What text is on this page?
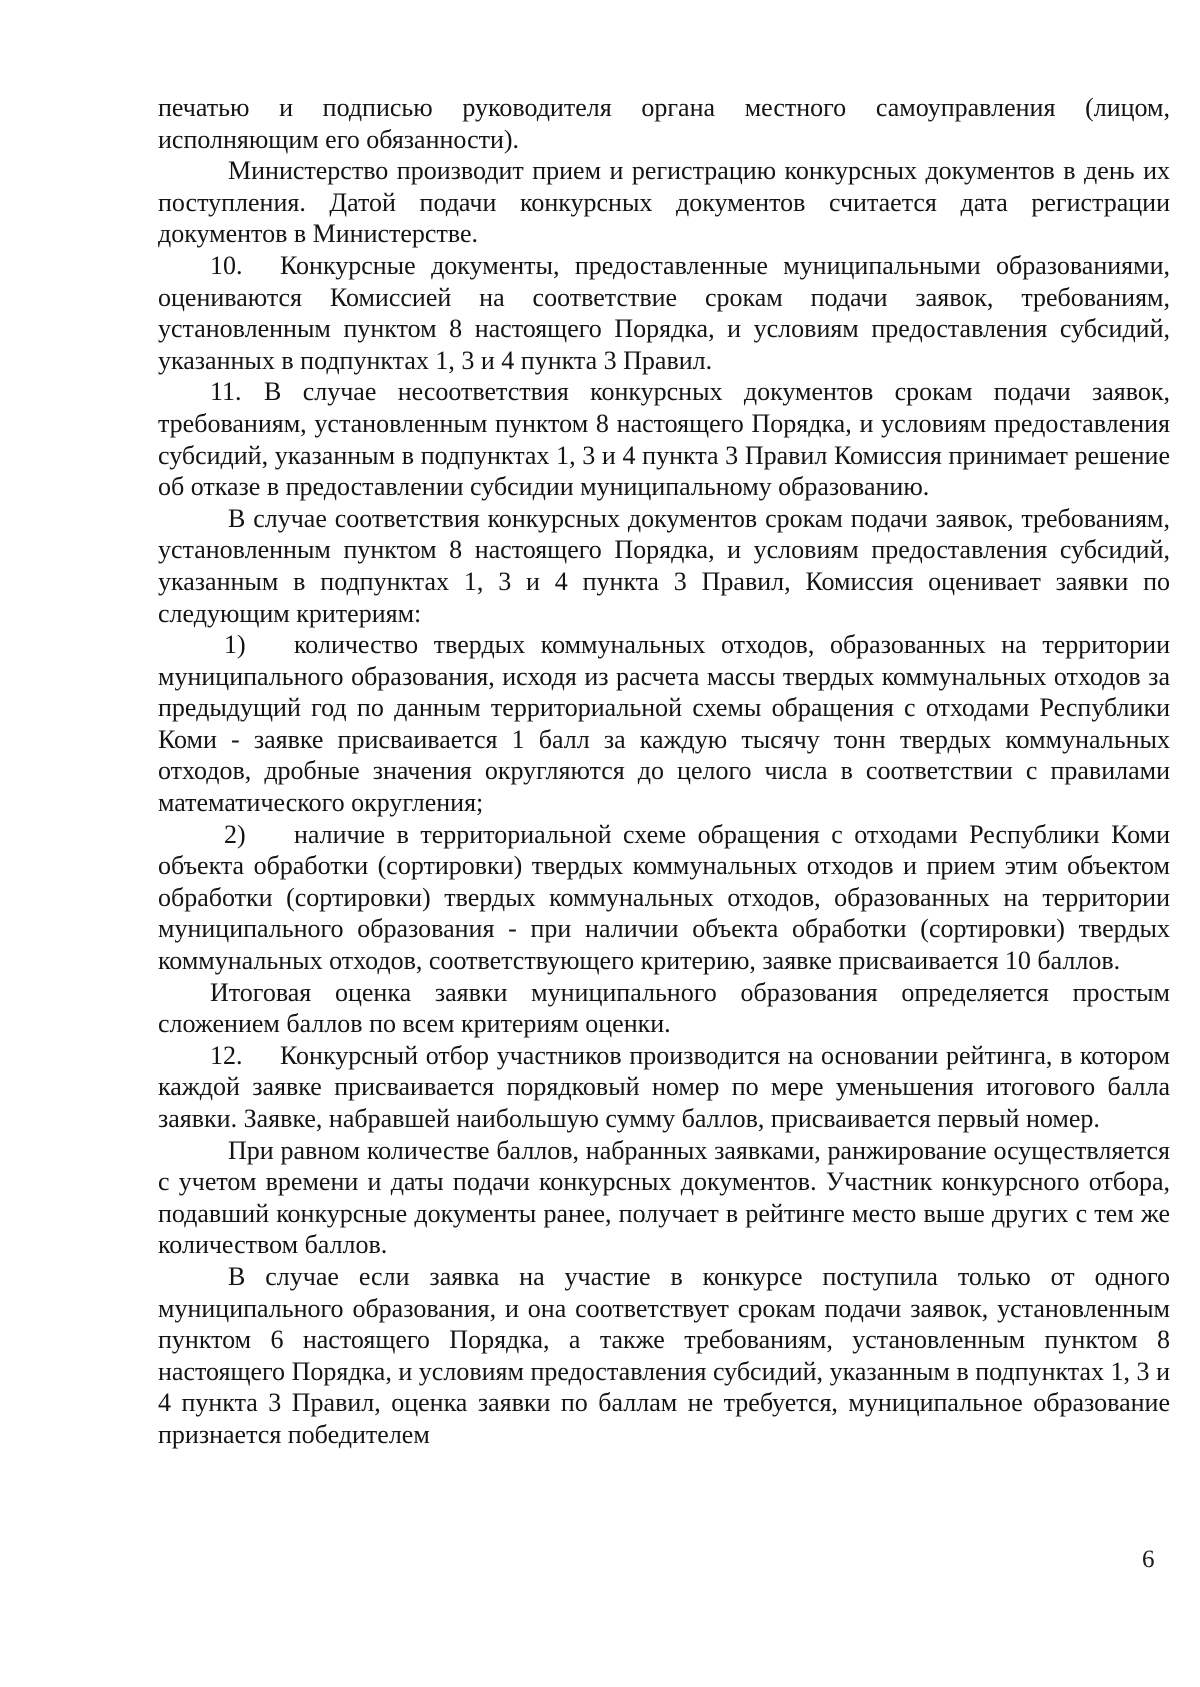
печатью и подписью руководителя органа местного самоуправления (лицом, исполняющим его обязанности).

Министерство производит прием и регистрацию конкурсных документов в день их поступления. Датой подачи конкурсных документов считается дата регистрации документов в Министерстве.

10. Конкурсные документы, предоставленные муниципальными образованиями, оцениваются Комиссией на соответствие срокам подачи заявок, требованиям, установленным пунктом 8 настоящего Порядка, и условиям предоставления субсидий, указанных в подпунктах 1, 3 и 4 пункта 3 Правил.

11. В случае несоответствия конкурсных документов срокам подачи заявок, требованиям, установленным пунктом 8 настоящего Порядка, и условиям предоставления субсидий, указанным в подпунктах 1, 3 и 4 пункта 3 Правил Комиссия принимает решение об отказе в предоставлении субсидии муниципальному образованию.

В случае соответствия конкурсных документов срокам подачи заявок, требованиям, установленным пунктом 8 настоящего Порядка, и условиям предоставления субсидий, указанным в подпунктах 1, 3 и 4 пункта 3 Правил, Комиссия оценивает заявки по следующим критериям:

1) количество твердых коммунальных отходов, образованных на территории муниципального образования, исходя из расчета массы твердых коммунальных отходов за предыдущий год по данным территориальной схемы обращения с отходами Республики Коми - заявке присваивается 1 балл за каждую тысячу тонн твердых коммунальных отходов, дробные значения округляются до целого числа в соответствии с правилами математического округления;

2) наличие в территориальной схеме обращения с отходами Республики Коми объекта обработки (сортировки) твердых коммунальных отходов и прием этим объектом обработки (сортировки) твердых коммунальных отходов, образованных на территории муниципального образования - при наличии объекта обработки (сортировки) твердых коммунальных отходов, соответствующего критерию, заявке присваивается 10 баллов.

Итоговая оценка заявки муниципального образования определяется простым сложением баллов по всем критериям оценки.

12. Конкурсный отбор участников производится на основании рейтинга, в котором каждой заявке присваивается порядковый номер по мере уменьшения итогового балла заявки. Заявке, набравшей наибольшую сумму баллов, присваивается первый номер.

При равном количестве баллов, набранных заявками, ранжирование осуществляется с учетом времени и даты подачи конкурсных документов. Участник конкурсного отбора, подавший конкурсные документы ранее, получает в рейтинге место выше других с тем же количеством баллов.

В случае если заявка на участие в конкурсе поступила только от одного муниципального образования, и она соответствует срокам подачи заявок, установленным пунктом 6 настоящего Порядка, а также требованиям, установленным пунктом 8 настоящего Порядка, и условиям предоставления субсидий, указанным в подпунктах 1, 3 и 4 пункта 3 Правил, оценка заявки по баллам не требуется, муниципальное образование признается победителем

6
